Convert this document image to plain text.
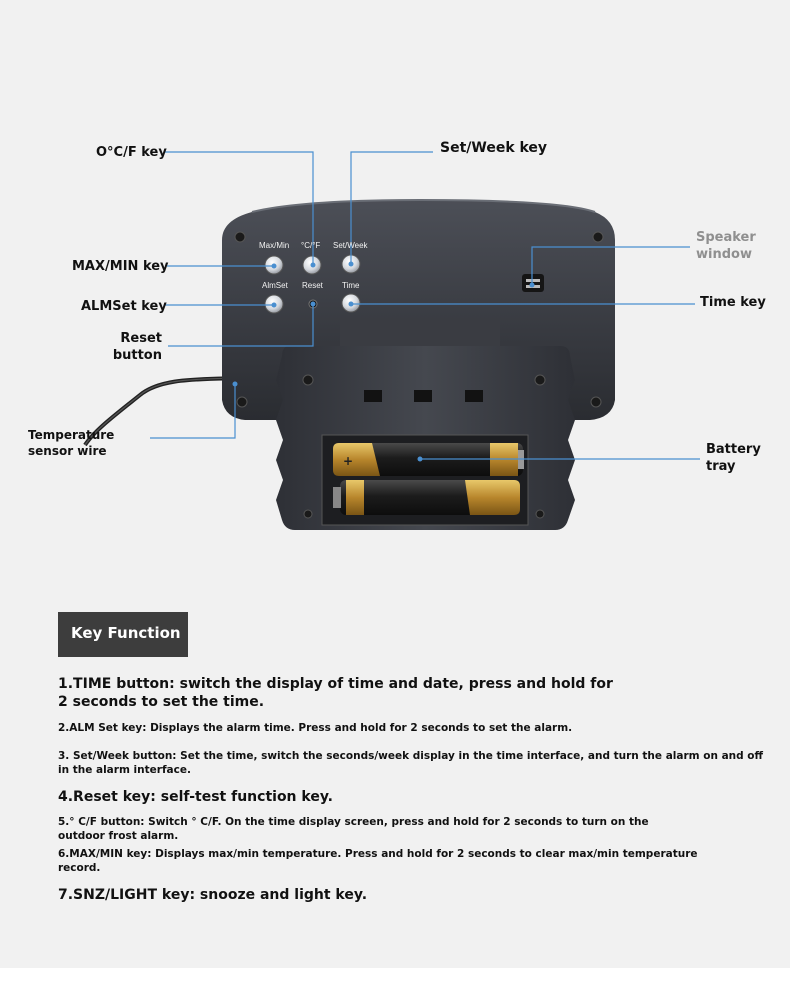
+
Max/Min °C/°F Set/Week
AlmSet Reset Time
O°C/F key	Set/Week key
MAX/MIN key
ALMSet key
Reset
button
Speaker
window
Time key
Temperature
sensor wire	Battery
tray
Key Function
1.TIME button: switch the display of time and date, press and hold for
2 seconds to set the time.
2.ALM Set key: Displays the alarm time. Press and hold for 2 seconds to set the alarm.
3. Set/Week button: Set the time, switch the seconds/week display in the time interface, and turn the alarm on and off
in the alarm interface.
4.Reset key: self-test function key.
5.° C/F button: Switch ° C/F. On the time display screen, press and hold for 2 seconds to turn on the
outdoor frost alarm.
6.MAX/MIN key: Displays max/min temperature. Press and hold for 2 seconds to clear max/min temperature
record.
7.SNZ/LIGHT key: snooze and light key.
